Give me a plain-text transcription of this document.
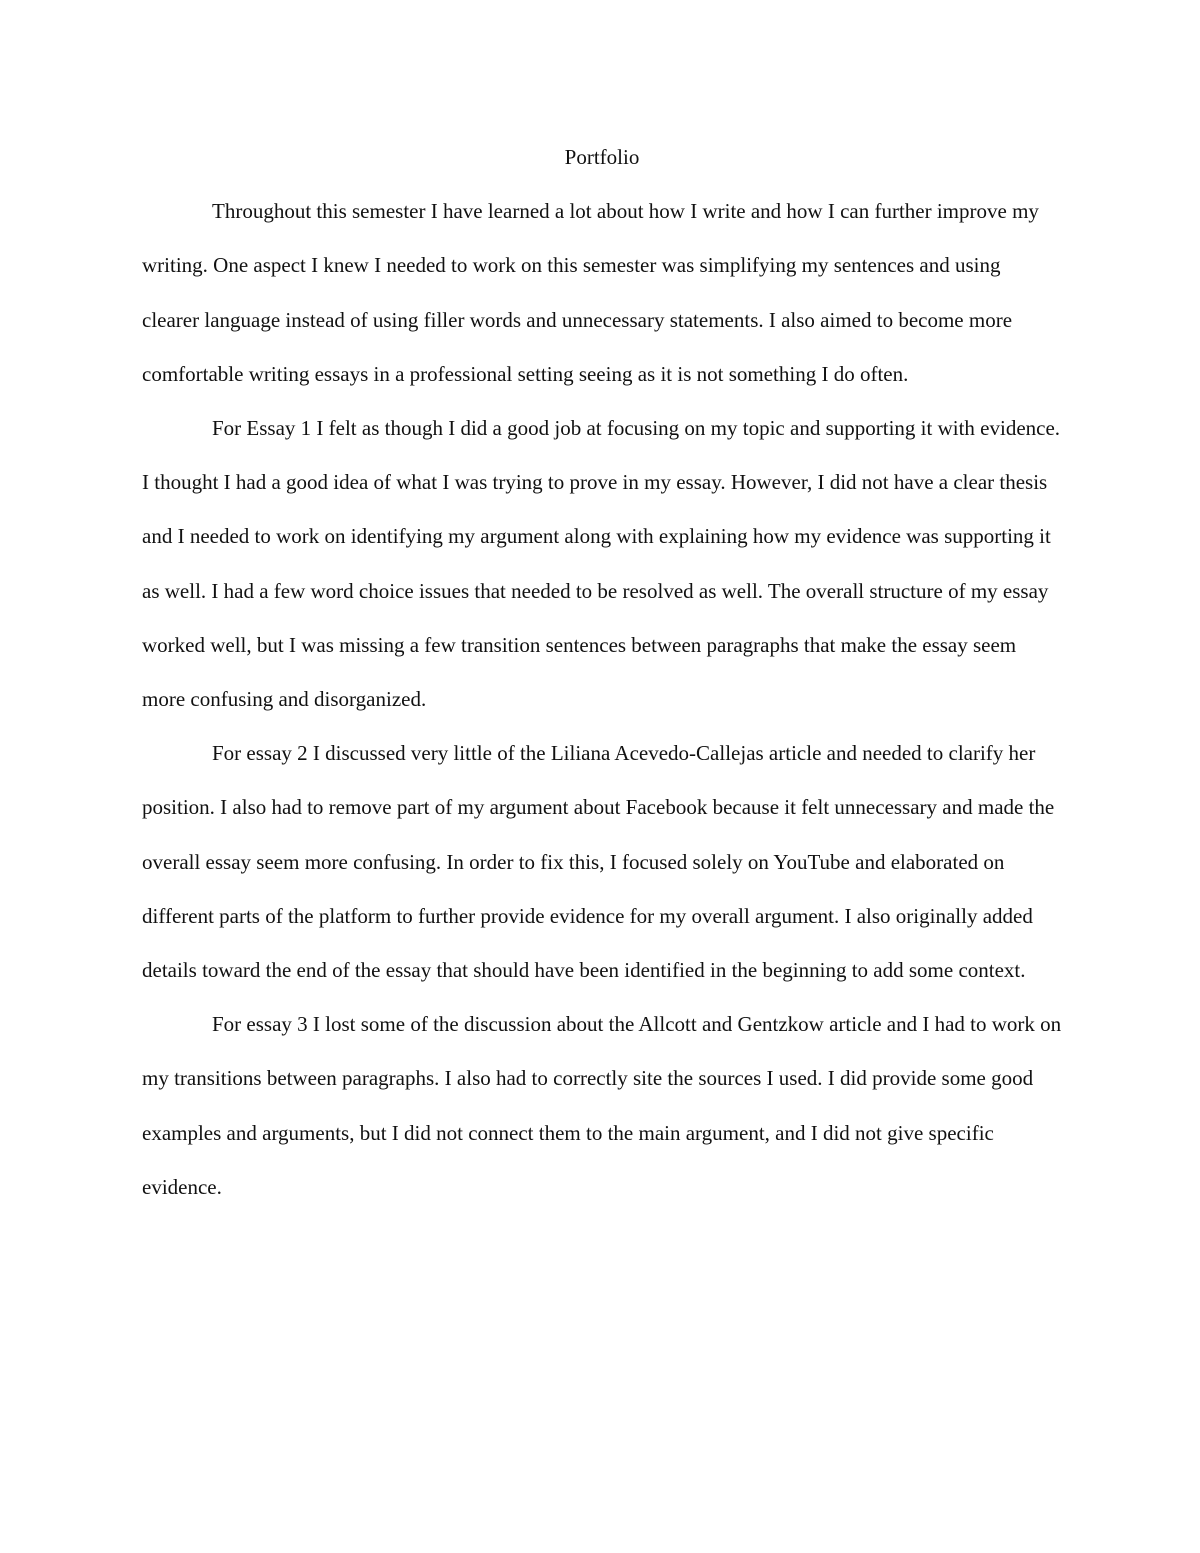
Portfolio

Throughout this semester I have learned a lot about how I write and how I can further improve my writing. One aspect I knew I needed to work on this semester was simplifying my sentences and using clearer language instead of using filler words and unnecessary statements. I also aimed to become more comfortable writing essays in a professional setting seeing as it is not something I do often.

For Essay 1 I felt as though I did a good job at focusing on my topic and supporting it with evidence. I thought I had a good idea of what I was trying to prove in my essay. However, I did not have a clear thesis and I needed to work on identifying my argument along with explaining how my evidence was supporting it as well. I had a few word choice issues that needed to be resolved as well. The overall structure of my essay worked well, but I was missing a few transition sentences between paragraphs that make the essay seem more confusing and disorganized.

For essay 2 I discussed very little of the Liliana Acevedo-Callejas article and needed to clarify her position. I also had to remove part of my argument about Facebook because it felt unnecessary and made the overall essay seem more confusing. In order to fix this, I focused solely on YouTube and elaborated on different parts of the platform to further provide evidence for my overall argument. I also originally added details toward the end of the essay that should have been identified in the beginning to add some context.

For essay 3 I lost some of the discussion about the Allcott and Gentzkow article and I had to work on my transitions between paragraphs. I also had to correctly site the sources I used. I did provide some good examples and arguments, but I did not connect them to the main argument, and I did not give specific evidence.
